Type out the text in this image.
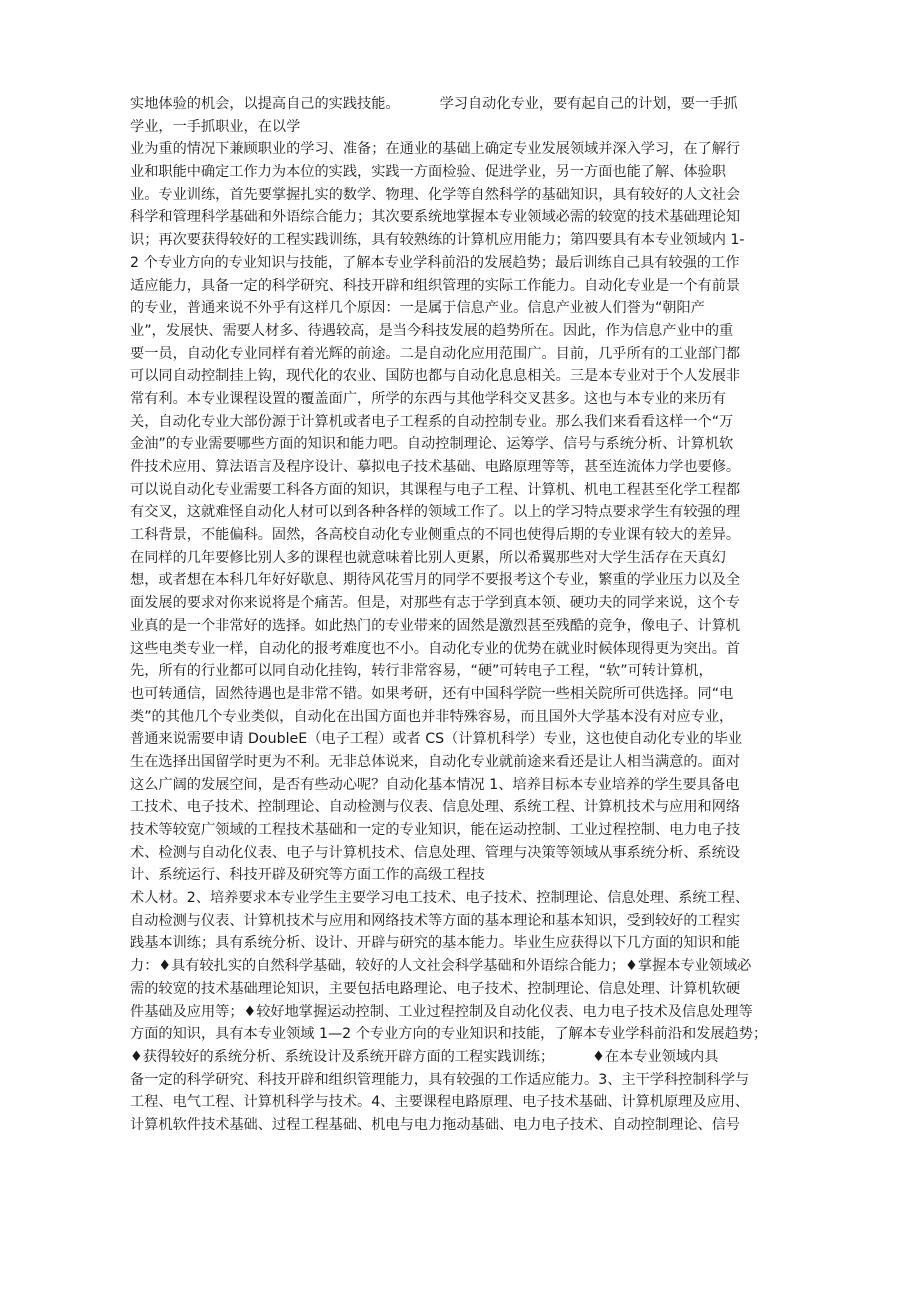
实地体验的机会，以提高自己的实践技能。	学习自动化专业，要有起自己的计划，要一手抓
学业，一手抓职业，在以学
业为重的情况下兼顾职业的学习、准备；在通业的基础上确定专业发展领域并深入学习，在了解行
业和职能中确定工作力为本位的实践，实践一方面检验、促进学业，另一方面也能了解、体验职
业。专业训练，首先要掌握扎实的数学、物理、化学等自然科学的基础知识，具有较好的人文社会
科学和管理科学基础和外语综合能力；其次要系统地掌握本专业领域必需的较宽的技术基础理论知
识；再次要获得较好的工程实践训练，具有较熟练的计算机应用能力；第四要具有本专业领域内 1-
2 个专业方向的专业知识与技能，了解本专业学科前沿的发展趋势；最后训练自己具有较强的工作
适应能力，具备一定的科学研究、科技开辟和组织管理的实际工作能力。自动化专业是一个有前景
的专业，普通来说不外乎有这样几个原因：一是属于信息产业。信息产业被人们誉为“朝阳产
业”，发展快、需要人材多、待遇较高，是当今科技发展的趋势所在。因此，作为信息产业中的重
要一员，自动化专业同样有着光辉的前途。二是自动化应用范围广。目前，几乎所有的工业部门都
可以同自动控制挂上钩，现代化的农业、国防也都与自动化息息相关。三是本专业对于个人发展非
常有利。本专业课程设置的覆盖面广，所学的东西与其他学科交叉甚多。这也与本专业的来历有
关，自动化专业大部份源于计算机或者电子工程系的自动控制专业。那么我们来看看这样一个“万
金油”的专业需要哪些方面的知识和能力吧。自动控制理论、运筹学、信号与系统分析、计算机软
件技术应用、算法语言及程序设计、摹拟电子技术基础、电路原理等等，甚至连流体力学也要修。
可以说自动化专业需要工科各方面的知识，其课程与电子工程、计算机、机电工程甚至化学工程都
有交叉，这就难怪自动化人材可以到各种各样的领域工作了。以上的学习特点要求学生有较强的理
工科背景，不能偏科。固然，各高校自动化专业侧重点的不同也使得后期的专业课有较大的差异。
在同样的几年要修比别人多的课程也就意味着比别人更累，所以希翼那些对大学生活存在天真幻
想，或者想在本科几年好好歇息、期待风花雪月的同学不要报考这个专业，繁重的学业压力以及全
面发展的要求对你来说将是个痛苦。但是，对那些有志于学到真本领、硬功夫的同学来说，这个专
业真的是一个非常好的选择。如此热门的专业带来的固然是激烈甚至残酷的竞争，像电子、计算机
这些电类专业一样，自动化的报考难度也不小。自动化专业的优势在就业时候体现得更为突出。首
先，所有的行业都可以同自动化挂钩，转行非常容易，“硬”可转电子工程，“软”可转计算机，
也可转通信，固然待遇也是非常不错。如果考研，还有中国科学院一些相关院所可供选择。同“电
类”的其他几个专业类似，自动化在出国方面也并非特殊容易，而且国外大学基本没有对应专业，
普通来说需要申请 DoubleE（电子工程）或者 CS（计算机科学）专业，这也使自动化专业的毕业
生在选择出国留学时更为不利。无非总体说来，自动化专业就前途来看还是让人相当满意的。面对
这么广阔的发展空间，是否有些动心呢？自动化基本情况 1、培养目标本专业培养的学生要具备电
工技术、电子技术、控制理论、自动检测与仪表、信息处理、系统工程、计算机技术与应用和网络
技术等较宽广领域的工程技术基础和一定的专业知识，能在运动控制、工业过程控制、电力电子技
术、检测与自动化仪表、电子与计算机技术、信息处理、管理与决策等领域从事系统分析、系统设
计、系统运行、科技开辟及研究等方面工作的高级工程技
术人材。2、培养要求本专业学生主要学习电工技术、电子技术、控制理论、信息处理、系统工程、
自动检测与仪表、计算机技术与应用和网络技术等方面的基本理论和基本知识，受到较好的工程实
践基本训练；具有系统分析、设计、开辟与研究的基本能力。毕业生应获得以下几方面的知识和能
力：♦具有较扎实的自然科学基础，较好的人文社会科学基础和外语综合能力；♦掌握本专业领域必
需的较宽的技术基础理论知识，主要包括电路理论、电子技术、控制理论、信息处理、计算机软硬
件基础及应用等；♦较好地掌握运动控制、工业过程控制及自动化仪表、电力电子技术及信息处理等
方面的知识，具有本专业领域 1—2 个专业方向的专业知识和技能，了解本专业学科前沿和发展趋势；
♦获得较好的系统分析、系统设计及系统开辟方面的工程实践训练；	♦在本专业领域内具
备一定的科学研究、科技开辟和组织管理能力，具有较强的工作适应能力。3、主干学科控制科学与
工程、电气工程、计算机科学与技术。4、主要课程电路原理、电子技术基础、计算机原理及应用、
计算机软件技术基础、过程工程基础、机电与电力拖动基础、电力电子技术、自动控制理论、信号
